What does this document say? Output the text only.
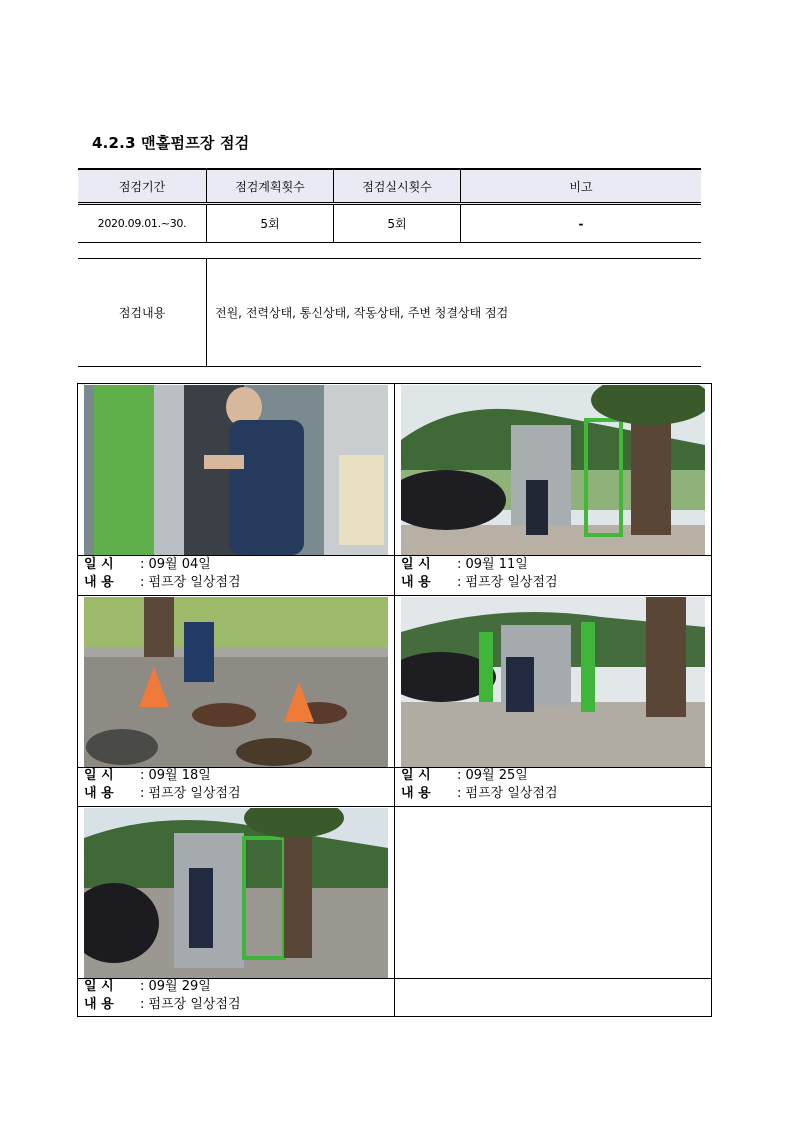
4.2.3 맨홀펌프장 점검
점검기간	점검계획횟수	점검실시횟수	비고
2020.09.01.~30.	5회	5회	-
점검내용	전원, 전력상태, 통신상태, 작동상태, 주변 청결상태 점검
일 시 : 09월 04일
내 용 : 펌프장 일상점검
일 시 : 09월 11일
내 용 : 펌프장 일상점검
일 시 : 09월 18일
내 용 : 펌프장 일상점검
일 시 : 09월 25일
내 용 : 펌프장 일상점검
일 시 : 09월 29일
내 용 : 펌프장 일상점검
